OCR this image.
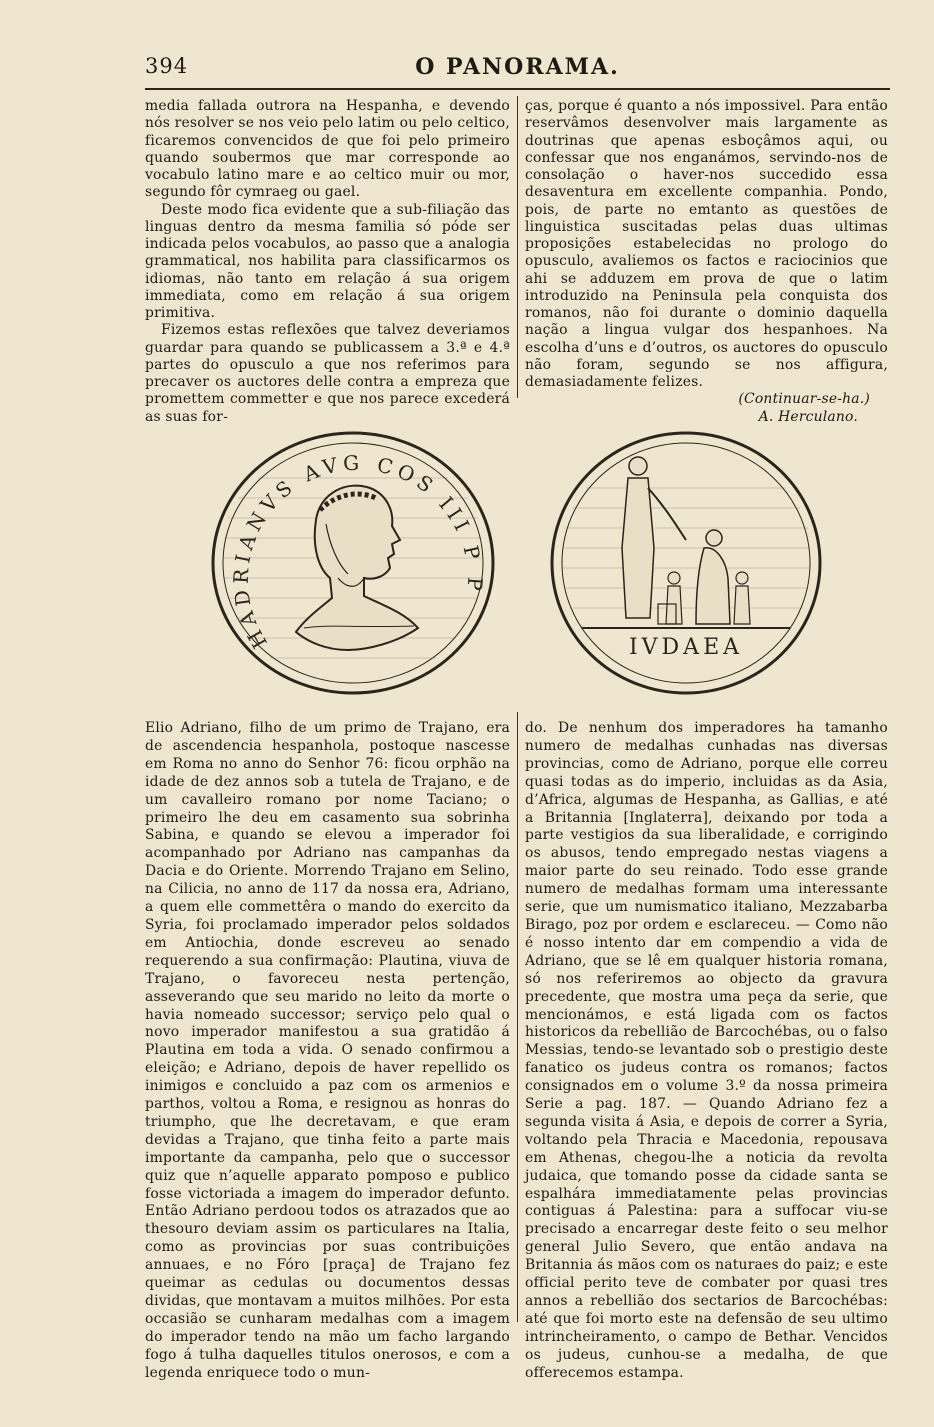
394	O PANORAMA.

media fallada outrora na Hespanha, e devendo nós resolver se nos veio pelo latim ou pelo celtico, ficaremos convencidos de que foi pelo primeiro quando soubermos que mar corresponde ao vocabulo latino mare e ao celtico muir ou mor, segundo fôr cymraeg ou gael.

Deste modo fica evidente que a sub-filiação das linguas dentro da mesma familia só póde ser indicada pelos vocabulos, ao passo que a analogia grammatical, nos habilita para classificarmos os idiomas, não tanto em relação á sua origem immediata, como em relação á sua origem primitiva.

Fizemos estas reflexões que talvez deveriamos guardar para quando se publicassem a 3.ª e 4.ª partes do opusculo a que nos referimos para precaver os auctores delle contra a empreza que promettem commetter e que nos parece excederá as suas for-

ças, porque é quanto a nós impossivel. Para então reservâmos desenvolver mais largamente as doutrinas que apenas esboçâmos aqui, ou confessar que nos enganámos, servindo-nos de consolação o haver-nos succedido essa desaventura em excellente companhia. Pondo, pois, de parte no emtanto as questões de linguistica suscitadas pelas duas ultimas proposições estabelecidas no prologo do opusculo, avaliemos os factos e raciocinios que ahi se adduzem em prova de que o latim introduzido na Peninsula pela conquista dos romanos, não foi durante o dominio daquella nação a lingua vulgar dos hespanhoes. Na escolha d’uns e d’outros, os auctores do opusculo não foram, segundo se nos affigura, demasiadamente felizes.

(Continuar-se-ha.)
A. Herculano.
HADRIANVS AVG COS III P P
IVDAEA

Elio Adriano, filho de um primo de Trajano, era de ascendencia hespanhola, postoque nascesse em Roma no anno do Senhor 76: ficou orphão na idade de dez annos sob a tutela de Trajano, e de um cavalleiro romano por nome Taciano; o primeiro lhe deu em casamento sua sobrinha Sabina, e quando se elevou a imperador foi acompanhado por Adriano nas campanhas da Dacia e do Oriente. Morrendo Trajano em Selino, na Cilicia, no anno de 117 da nossa era, Adriano, a quem elle commettêra o mando do exercito da Syria, foi proclamado imperador pelos soldados em Antiochia, donde escreveu ao senado requerendo a sua confirmação: Plautina, viuva de Trajano, o favoreceu nesta pertenção, asseverando que seu marido no leito da morte o havia nomeado successor; serviço pelo qual o novo imperador manifestou a sua gratidão á Plautina em toda a vida. O senado confirmou a eleição; e Adriano, depois de haver repellido os inimigos e concluido a paz com os armenios e parthos, voltou a Roma, e resignou as honras do triumpho, que lhe decretavam, e que eram devidas a Trajano, que tinha feito a parte mais importante da campanha, pelo que o successor quiz que n’aquelle apparato pomposo e publico fosse victoriada a imagem do imperador defunto. Então Adriano perdoou todos os atrazados que ao thesouro deviam assim os particulares na Italia, como as provincias por suas contribuições annuaes, e no Fóro [praça] de Trajano fez queimar as cedulas ou documentos dessas dividas, que montavam a muitos milhões. Por esta occasião se cunharam medalhas com a imagem do imperador tendo na mão um facho largando fogo á tulha daquelles titulos onerosos, e com a legenda enriquece todo o mun-

do. De nenhum dos imperadores ha tamanho numero de medalhas cunhadas nas diversas provincias, como de Adriano, porque elle correu quasi todas as do imperio, incluidas as da Asia, d’Africa, algumas de Hespanha, as Gallias, e até a Britannia [Inglaterra], deixando por toda a parte vestigios da sua liberalidade, e corrigindo os abusos, tendo empregado nestas viagens a maior parte do seu reinado. Todo esse grande numero de medalhas formam uma interessante serie, que um numismatico italiano, Mezzabarba Birago, poz por ordem e esclareceu. — Como não é nosso intento dar em compendio a vida de Adriano, que se lê em qualquer historia romana, só nos referiremos ao objecto da gravura precedente, que mostra uma peça da serie, que mencionámos, e está ligada com os factos historicos da rebellião de Barcochébas, ou o falso Messias, tendo-se levantado sob o prestigio deste fanatico os judeus contra os romanos; factos consignados em o volume 3.º da nossa primeira Serie a pag. 187. — Quando Adriano fez a segunda visita á Asia, e depois de correr a Syria, voltando pela Thracia e Macedonia, repousava em Athenas, chegou-lhe a noticia da revolta judaica, que tomando posse da cidade santa se espalhára immediatamente pelas provincias contiguas á Palestina: para a suffocar viu-se precisado a encarregar deste feito o seu melhor general Julio Severo, que então andava na Britannia ás mãos com os naturaes do paiz; e este official perito teve de combater por quasi tres annos a rebellião dos sectarios de Barcochébas: até que foi morto este na defensão de seu ultimo intrincheiramento, o campo de Bethar. Vencidos os judeus, cunhou-se a medalha, de que offerecemos estampa.
